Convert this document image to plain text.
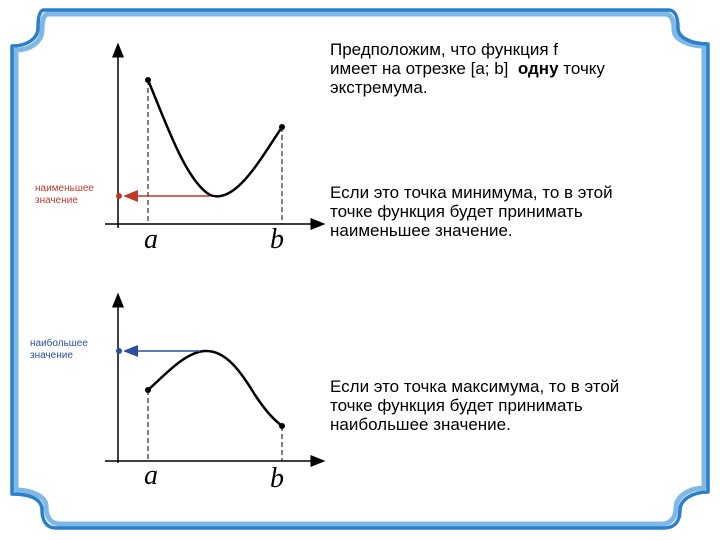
a	b
a	b
наименьшее
значение
наибольшее
значение
Предположим, что функция f
имеет на отрезке [a; b]  одну точку
экстремума.
Если это точка минимума, то в этой
точке функция будет принимать
наименьшее значение.
Если это точка максимума, то в этой
точке функция будет принимать
наибольшее значение.
